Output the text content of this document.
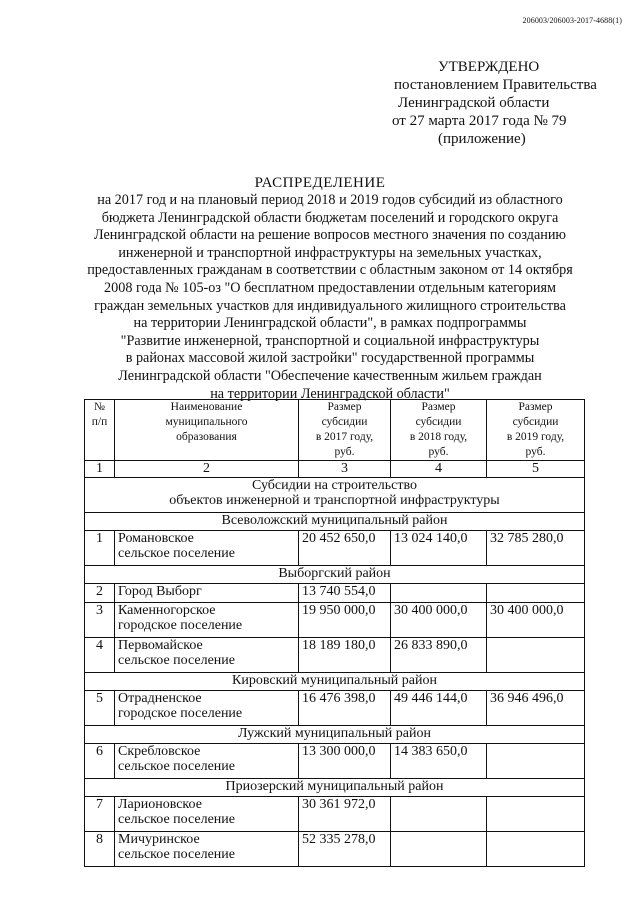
206003/206003-2017-4688(1)
УТВЕРЖДЕНО
постановлением Правительства
Ленинградской области
от 27 марта 2017 года № 79
(приложение)
РАСПРЕДЕЛЕНИЕ
на 2017 год и на плановый период 2018 и 2019 годов субсидий из областного
бюджета Ленинградской области бюджетам поселений и городского округа
Ленинградской области на решение вопросов местного значения по созданию
инженерной и транспортной инфраструктуры на земельных участках,
предоставленных гражданам в соответствии с областным законом от 14 октября
2008 года № 105-оз "О бесплатном предоставлении отдельным категориям
граждан земельных участков для индивидуального жилищного строительства
на территории Ленинградской области", в рамках подпрограммы
"Развитие инженерной, транспортной и социальной инфраструктуры
в районах массовой жилой застройки" государственной программы
Ленинградской области "Обеспечение качественным жильем граждан
на территории Ленинградской области"
№
п/п	Наименование
муниципального
образования	Размер
субсидии
в 2017 году,
руб.	Размер
субсидии
в 2018 году,
руб.	Размер
субсидии
в 2019 году,
руб.
1	2	3	4	5
Субсидии на строительство
объектов инженерной и транспортной инфраструктуры				
Всеволожский муниципальный район				
1	Романовское
сельское поселение	20 452 650,0	13 024 140,0	32 785 280,0
Выборгский район				
2	Город Выборг	13 740 554,0		
3	Каменногорское
городское поселение	19 950 000,0	30 400 000,0	30 400 000,0
4	Первомайское
сельское поселение	18 189 180,0	26 833 890,0	
Кировский муниципальный район				
5	Отрадненское
городское поселение	16 476 398,0	49 446 144,0	36 946 496,0
Лужский муниципальный район				
6	Скребловское
сельское поселение	13 300 000,0	14 383 650,0	
Приозерский муниципальный район				
7	Ларионовское
сельское поселение	30 361 972,0		
8	Мичуринское
сельское поселение	52 335 278,0		
